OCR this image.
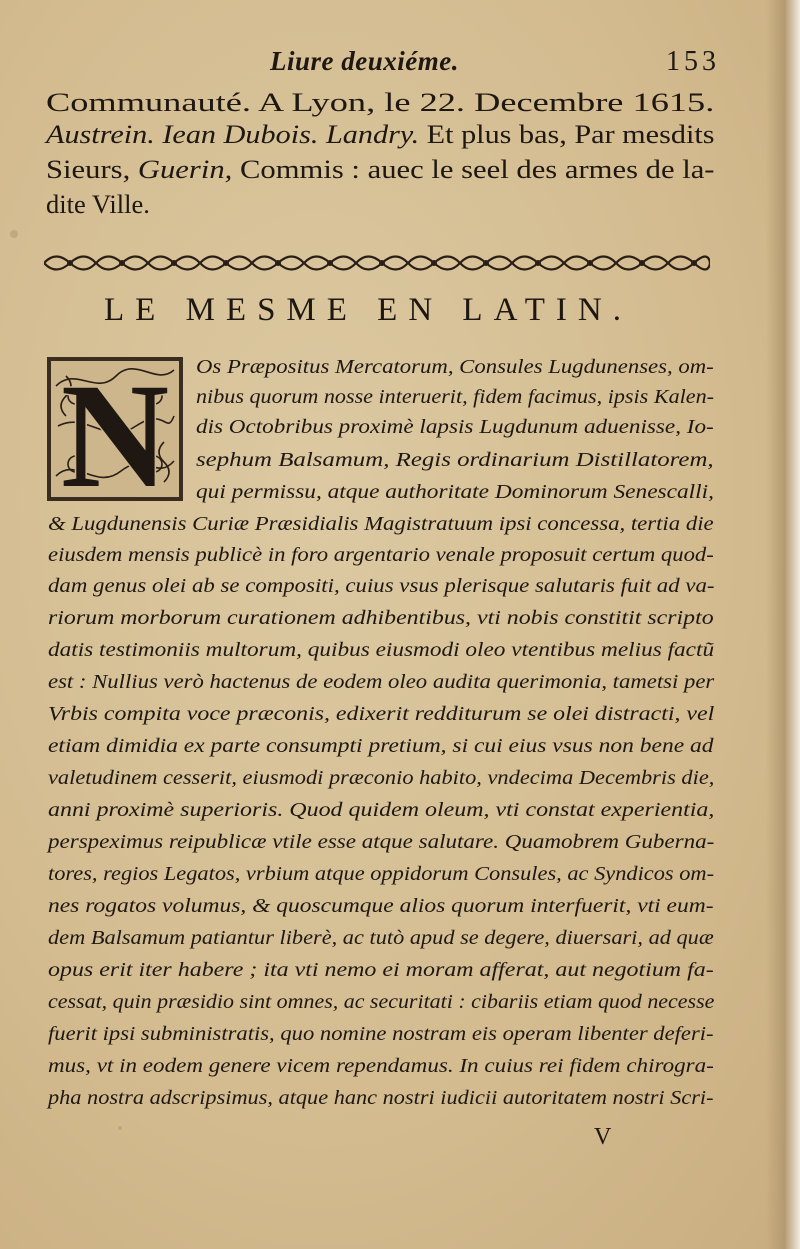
Liure deuxiéme.	153
Communauté. A Lyon, le 22. Decembre 1615.
Austrein. Iean Dubois. Landry. Et plus bas, Par mesdits
Sieurs, Guerin, Commis : auec le seel des armes de la-
dite Ville.
LE MESME EN LATIN.
N Os Præpositus Mercatorum, Consules Lugdunenses, om-
nibus quorum nosse interuerit, fidem facimus, ipsis Kalen-
dis Octobribus proximè lapsis Lugdunum aduenisse, Io-
sephum Balsamum, Regis ordinarium Distillatorem,
qui permissu, atque authoritate Dominorum Senescalli,
& Lugdunensis Curiæ Præsidialis Magistratuum ipsi concessa, tertia die
eiusdem mensis publicè in foro argentario venale proposuit certum quod-
dam genus olei ab se compositi, cuius vsus plerisque salutaris fuit ad va-
riorum morborum curationem adhibentibus, vti nobis constitit scripto
datis testimoniis multorum, quibus eiusmodi oleo vtentibus melius factũ
est : Nullius verò hactenus de eodem oleo audita querimonia, tametsi per
Vrbis compita voce præconis, edixerit redditurum se olei distracti, vel
etiam dimidia ex parte consumpti pretium, si cui eius vsus non bene ad
valetudinem cesserit, eiusmodi præconio habito, vndecima Decembris die,
anni proximè superioris. Quod quidem oleum, vti constat experientia,
perspeximus reipublicæ vtile esse atque salutare. Quamobrem Guberna-
tores, regios Legatos, vrbium atque oppidorum Consules, ac Syndicos om-
nes rogatos volumus, & quoscumque alios quorum interfuerit, vti eum-
dem Balsamum patiantur liberè, ac tutò apud se degere, diuersari, ad quæ
opus erit iter habere ; ita vti nemo ei moram afferat, aut negotium fa-
cessat, quin præsidio sint omnes, ac securitati : cibariis etiam quod necesse
fuerit ipsi subministratis, quo nomine nostram eis operam libenter deferi-
mus, vt in eodem genere vicem rependamus. In cuius rei fidem chirogra-
pha nostra adscripsimus, atque hanc nostri iudicii autoritatem nostri Scri-
V
